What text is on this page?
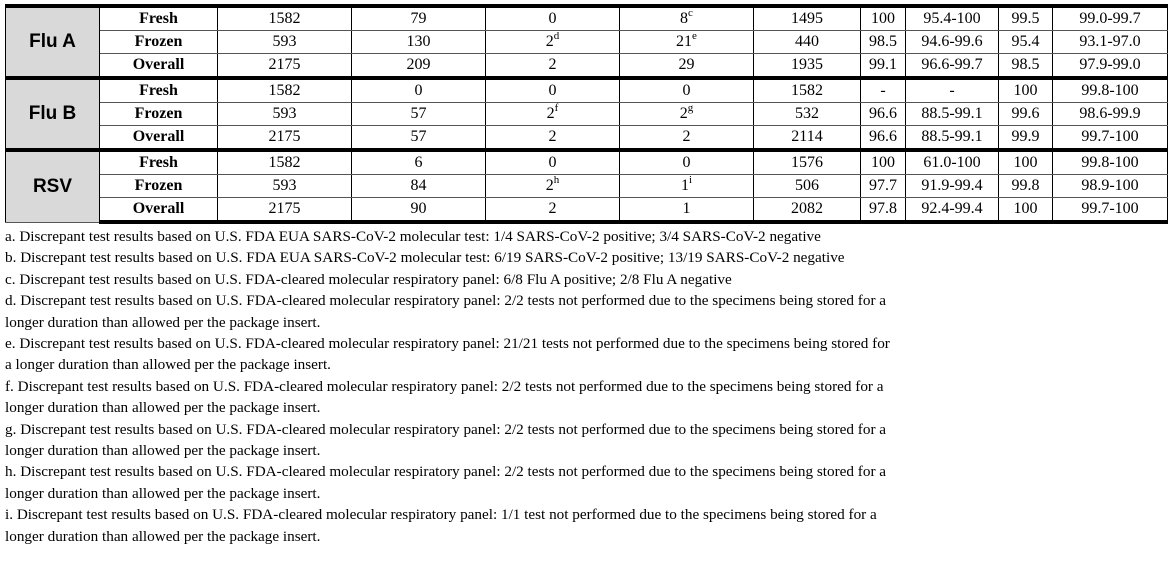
Flu A	Fresh	1582	79	0	8$^c$	1495	100	95.4-100	99.5	99.0-99.7
	Frozen	593	130	2$^d$	21e	440	98.5	94.6-99.6	95.4	93.1-97.0
	Overall	2175	209	2	29	1935	99.1	96.6-99.7	98.5	97.9-99.0
Flu B	Fresh	1582	0	0	0	1582	-	-	100	99.8-100
	Frozen	593	57	2$^f$	2$^g$	532	96.6	88.5-99.1	99.6	98.6-99.9
	Overall	2175	57	2	2	2114	96.6	88.5-99.1	99.9	99.7-100
RSV	Fresh	1582	6	0	0	1576	100	61.0-100	100	99.8-100
	Frozen	593	84	2$^h$	1$^i$	506	97.7	91.9-99.4	99.8	98.9-100
	Overall	2175	90	2	1	2082	97.8	92.4-99.4	100	99.7-100
a. Discrepant test results based on U.S. FDA EUA SARS-CoV-2 molecular test: 1/4 SARS-CoV-2 positive; 3/4 SARS-CoV-2 negative
b. Discrepant test results based on U.S. FDA EUA SARS-CoV-2 molecular test: 6/19 SARS-CoV-2 positive; 13/19 SARS-CoV-2 negative
c. Discrepant test results based on U.S. FDA-cleared molecular respiratory panel: 6/8 Flu A positive; 2/8 Flu A negative
d. Discrepant test results based on U.S. FDA-cleared molecular respiratory panel: 2/2 tests not performed due to the specimens being stored for a
longer duration than allowed per the package insert.
e. Discrepant test results based on U.S. FDA-cleared molecular respiratory panel: 21/21 tests not performed due to the specimens being stored for
a longer duration than allowed per the package insert.
f. Discrepant test results based on U.S. FDA-cleared molecular respiratory panel: 2/2 tests not performed due to the specimens being stored for a
longer duration than allowed per the package insert.
g. Discrepant test results based on U.S. FDA-cleared molecular respiratory panel: 2/2 tests not performed due to the specimens being stored for a
longer duration than allowed per the package insert.
h. Discrepant test results based on U.S. FDA-cleared molecular respiratory panel: 2/2 tests not performed due to the specimens being stored for a
longer duration than allowed per the package insert.
i. Discrepant test results based on U.S. FDA-cleared molecular respiratory panel: 1/1 test not performed due to the specimens being stored for a
longer duration than allowed per the package insert.
